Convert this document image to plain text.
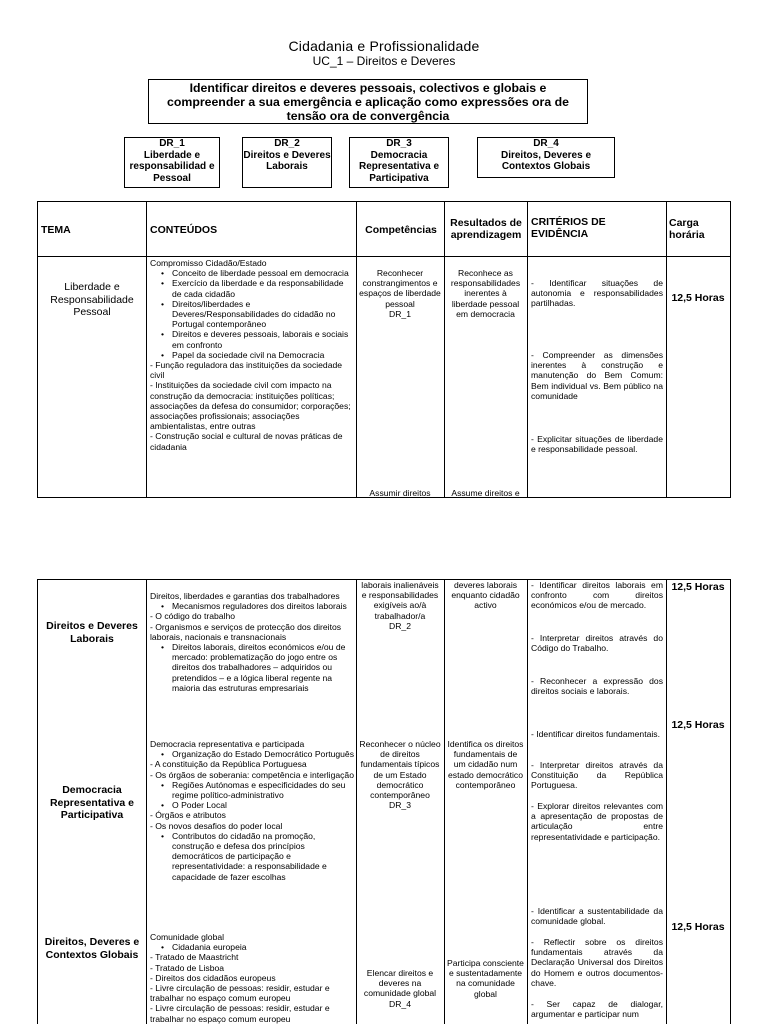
Cidadania e Profissionalidade
UC_1 – Direitos e Deveres
Identificar direitos e deveres pessoais, colectivos e globais e compreender a sua emergência e aplicação como expressões ora de tensão ora de convergência
DR_1
Liberdade e responsabilidad e Pessoal
DR_2
Direitos e Deveres Laborais
DR_3
Democracia Representativa e Participativa
DR_4
Direitos, Deveres e Contextos Globais
TEMA	CONTEÚDOS	Competências
Resultados de aprendizagem
CRITÉRIOS DE EVIDÊNCIA
Carga horária
Liberdade e Responsabilidade Pessoal
Compromisso Cidadão/Estado
• Conceito de liberdade pessoal em democracia
• Exercício da liberdade e da responsabilidade de cada cidadão
• Direitos/liberdades e Deveres/Responsabilidades do cidadão no Portugal contemporâneo
• Direitos e deveres pessoais, laborais e sociais em confronto
• Papel da sociedade civil na Democracia
- Função reguladora das instituições da sociedade civil
- Instituições da sociedade civil com impacto na construção da democracia: instituições políticas; associações da defesa do consumidor; corporações; associações profissionais; associações ambientalistas, entre outras
- Construção social e cultural de novas práticas de cidadania
Reconhecer constrangimentos e espaços de liberdade pessoal
DR_1
Assumir direitos
Reconhece as responsabilidades inerentes à liberdade pessoal em democracia
Assume direitos e
- Identificar situações de autonomia e responsabilidades partilhadas.
- Compreender as dimensões inerentes à construção e manutenção do Bem Comum: Bem individual vs. Bem público na comunidade
- Explicitar situações de liberdade e responsabilidade pessoal.
12,5 Horas
Direitos e Deveres Laborais
Direitos, liberdades e garantias dos trabalhadores
• Mecanismos reguladores dos direitos laborais
- O código do trabalho
- Organismos e serviços de protecção dos direitos laborais, nacionais e transnacionais
• Direitos laborais, direitos económicos e/ou de mercado: problematização do jogo entre os direitos dos trabalhadores – adquiridos ou pretendidos – e a lógica liberal regente na maioria das estruturas empresariais
laborais inalienáveis e responsabilidades exigíveis ao/à trabalhador/a
DR_2
deveres laborais enquanto cidadão activo
- Identificar direitos laborais em confronto com direitos económicos e/ou de mercado.
- Interpretar direitos através do Código do Trabalho.
- Reconhecer a expressão dos direitos sociais e laborais.
12,5 Horas
Democracia Representativa e Participativa
Democracia representativa e participada
• Organização do Estado Democrático Português
- A constituição da República Portuguesa
- Os órgãos de soberania: competência e interligação
• Regiões Autónomas e especificidades do seu regime político-administrativo
• O Poder Local
- Órgãos e atributos
- Os novos desafios do poder local
• Contributos do cidadão na promoção, construção e defesa dos princípios democráticos de participação e representatividade: a responsabilidade e capacidade de fazer escolhas
Reconhecer o núcleo de direitos fundamentais típicos de um Estado democrático contemporâneo
DR_3
Identifica os direitos fundamentais de um cidadão num estado democrático contemporâneo
- Identificar direitos fundamentais.
- Interpretar direitos através da Constituição da República Portuguesa.
- Explorar direitos relevantes com a apresentação de propostas de articulação entre representatividade e participação.
12,5 Horas
Direitos, Deveres e Contextos Globais
Comunidade global
• Cidadania europeia
- Tratado de Maastricht
- Tratado de Lisboa
- Direitos dos cidadãos europeus
- Livre circulação de pessoas: residir, estudar e trabalhar no espaço comum europeu
- Livre circulação de pessoas: residir, estudar e trabalhar no espaço comum europeu
Elencar direitos e deveres na comunidade global
DR_4
Participa consciente e sustentadamente na comunidade global
- Identificar a sustentabilidade da comunidade global.
- Reflectir sobre os direitos fundamentais através da Declaração Universal dos Direitos do Homem e outros documentos-chave.
- Ser capaz de dialogar, argumentar e participar num
12,5 Horas
